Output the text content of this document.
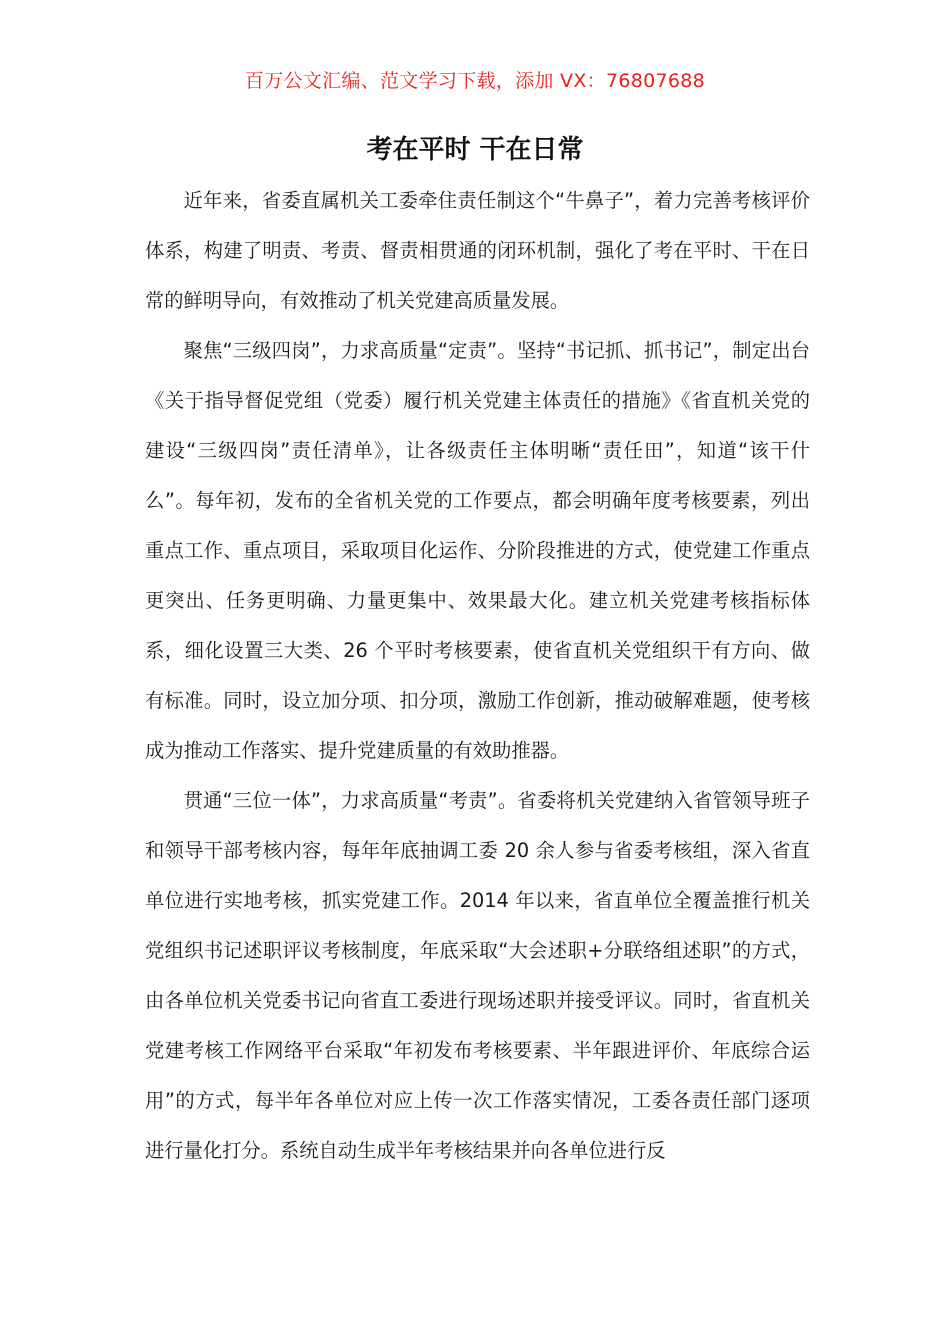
百万公文汇编、范文学习下载，添加 VX：76807688
考在平时 干在日常

近年来，省委直属机关工委牵住责任制这个“牛鼻子”，着力完善考核评价体系，构建了明责、考责、督责相贯通的闭环机制，强化了考在平时、干在日常的鲜明导向，有效推动了机关党建高质量发展。

聚焦“三级四岗”，力求高质量“定责”。坚持“书记抓、抓书记”，制定出台《关于指导督促党组（党委）履行机关党建主体责任的措施》《省直机关党的建设“三级四岗”责任清单》，让各级责任主体明晰“责任田”，知道“该干什么”。每年初，发布的全省机关党的工作要点，都会明确年度考核要素，列出重点工作、重点项目，采取项目化运作、分阶段推进的方式，使党建工作重点更突出、任务更明确、力量更集中、效果最大化。建立机关党建考核指标体系，细化设置三大类、26 个平时考核要素，使省直机关党组织干有方向、做有标准。同时，设立加分项、扣分项，激励工作创新，推动破解难题，使考核成为推动工作落实、提升党建质量的有效助推器。

贯通“三位一体”，力求高质量“考责”。省委将机关党建纳入省管领导班子和领导干部考核内容，每年年底抽调工委 20 余人参与省委考核组，深入省直单位进行实地考核，抓实党建工作。2014 年以来，省直单位全覆盖推行机关党组织书记述职评议考核制度，年底采取“大会述职+分联络组述职”的方式，由各单位机关党委书记向省直工委进行现场述职并接受评议。同时，省直机关党建考核工作网络平台采取“年初发布考核要素、半年跟进评价、年底综合运用”的方式，每半年各单位对应上传一次工作落实情况，工委各责任部门逐项进行量化打分。系统自动生成半年考核结果并向各单位进行反
